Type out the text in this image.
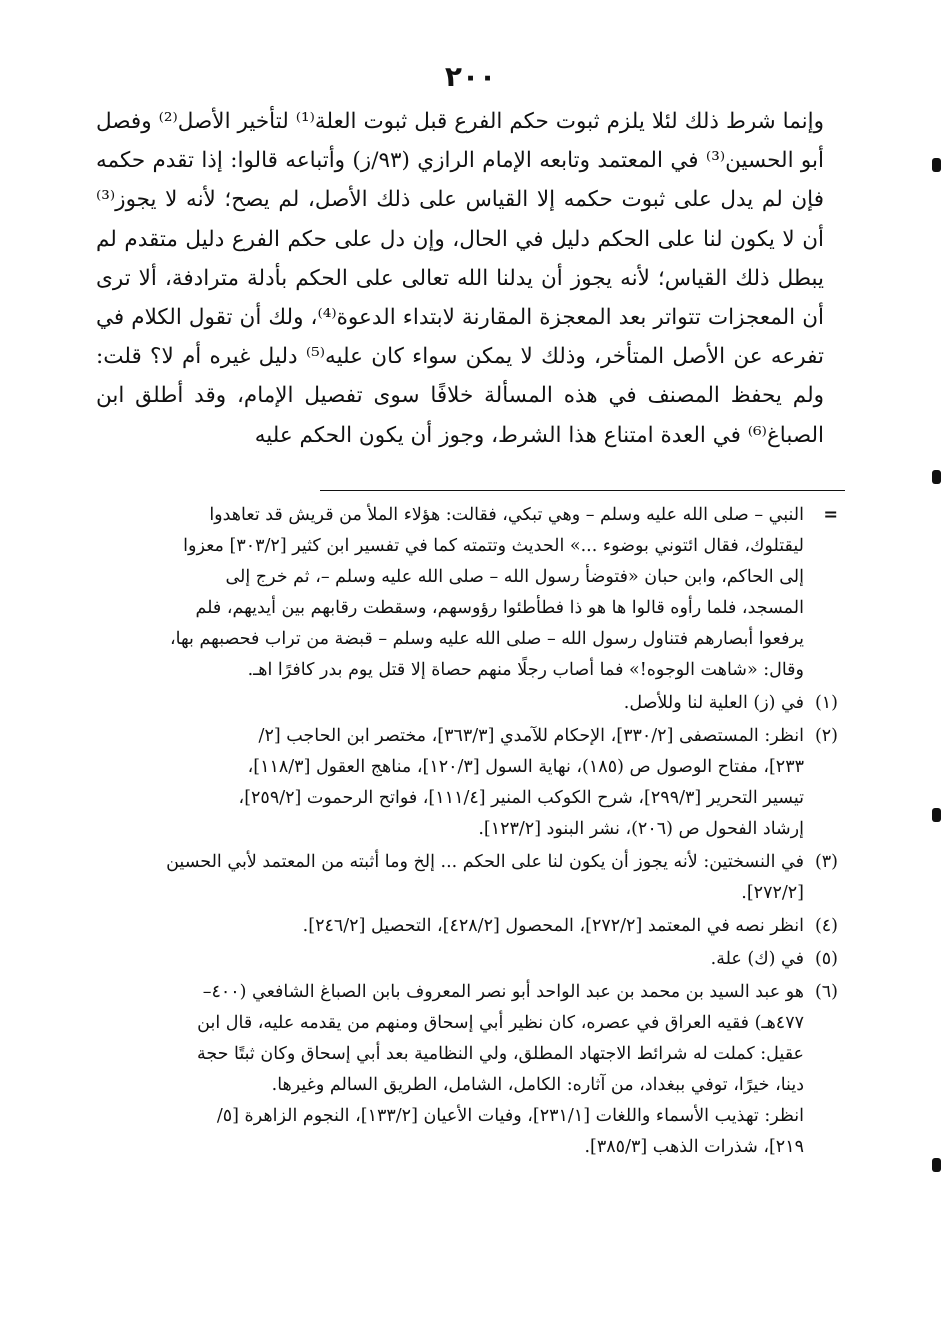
٢٠٠

وإنما شرط ذلك لئلا يلزم ثبوت حكم الفرع قبل ثبوت العلة⁽¹⁾ لتأخير الأصل⁽²⁾ وفصل أبو الحسين⁽³⁾ في المعتمد وتابعه الإمام الرازي (٩٣/ز) وأتباعه قالوا: إذا تقدم حكمه فإن لم يدل على ثبوت حكمه إلا القياس على ذلك الأصل، لم يصح؛ لأنه لا يجوز⁽³⁾ أن لا يكون لنا على الحكم دليل في الحال، وإن دل على حكم الفرع دليل متقدم لم يبطل ذلك القياس؛ لأنه يجوز أن يدلنا الله تعالى على الحكم بأدلة مترادفة، ألا ترى أن المعجزات تتواتر بعد المعجزة المقارنة لابتداء الدعوة⁽⁴⁾، ولك أن تقول الكلام في تفرعه عن الأصل المتأخر، وذلك لا يمكن سواء كان عليه⁽⁵⁾ دليل غيره أم لا؟ قلت: ولم يحفظ المصنف في هذه المسألة خلافًا سوى تفصيل الإمام، وقد أطلق ابن الصباغ⁽⁶⁾ في العدة امتناع هذا الشرط، وجوز أن يكون الحكم عليه

=
النبي – صلى الله عليه وسلم – وهي تبكي، فقالت: هؤلاء الملأ من قريش قد تعاهدوا
ليقتلوك، فقال ائتوني بوضوء ...» الحديث وتتمته كما في تفسير ابن كثير [٣٠٣/٢] معزوا
إلى الحاكم، وابن حبان «فتوضأ رسول الله – صلى الله عليه وسلم –، ثم خرج إلى
المسجد، فلما رأوه قالوا ها هو ذا فطأطئوا رؤوسهم، وسقطت رقابهم بين أيديهم، فلم
يرفعوا أبصارهم فتناول رسول الله – صلى الله عليه وسلم – قبضة من تراب فحصبهم بها،
وقال: «شاهت الوجوه!» فما أصاب رجلًا منهم حصاة إلا قتل يوم بدر كافرًا اهـ.
(١)
في (ز) العلية لنا وللأصل.
(٢)
انظر: المستصفى [٣٣٠/٢]، الإحكام للآمدي [٣٦٣/٣]، مختصر ابن الحاجب [٢/
٢٣٣]، مفتاح الوصول ص (١٨٥)، نهاية السول [١٢٠/٣]، مناهج العقول [١١٨/٣]،
تيسير التحرير [٢٩٩/٣]، شرح الكوكب المنير [١١١/٤]، فواتح الرحموت [٢٥٩/٢]،
إرشاد الفحول ص (٢٠٦)، نشر البنود [١٢٣/٢].
(٣)
في النسختين: لأنه يجوز أن يكون لنا على الحكم ... إلخ وما أثبته من المعتمد لأبي الحسين
[٢٧٢/٢].
(٤)
انظر نصه في المعتمد [٢٧٢/٢]، المحصول [٤٢٨/٢]، التحصيل [٢٤٦/٢].
(٥)
في (ك) علة.
(٦)
هو عبد السيد بن محمد بن عبد الواحد أبو نصر المعروف بابن الصباغ الشافعي (٤٠٠–
٤٧٧هـ) فقيه العراق في عصره، كان نظير أبي إسحاق ومنهم من يقدمه عليه، قال ابن
عقيل: كملت له شرائط الاجتهاد المطلق، ولي النظامية بعد أبي إسحاق وكان ثبتًا حجة
دينا، خيرًا، توفي ببغداد، من آثاره: الكامل، الشامل، الطريق السالم وغيرها.
انظر: تهذيب الأسماء واللغات [٢٣١/١]، وفيات الأعيان [١٣٣/٢]، النجوم الزاهرة [٥/
٢١٩]، شذرات الذهب [٣٨٥/٣].
